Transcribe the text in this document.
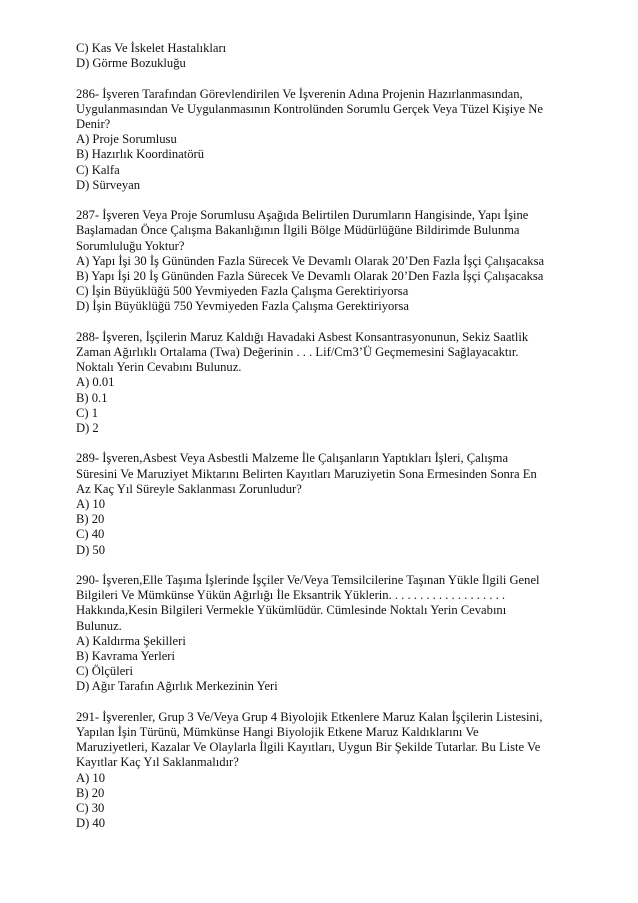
C) Kas Ve İskelet Hastalıkları
D) Görme Bozukluğu
286- İşveren Tarafından Görevlendirilen Ve İşverenin Adına Projenin Hazırlanmasından,
Uygulanmasından Ve Uygulanmasının Kontrolünden Sorumlu Gerçek Veya Tüzel Kişiye Ne
Denir?
A) Proje Sorumlusu
B) Hazırlık Koordinatörü
C) Kalfa
D) Sürveyan
287- İşveren Veya Proje Sorumlusu Aşağıda Belirtilen Durumların Hangisinde, Yapı İşine
Başlamadan Önce Çalışma Bakanlığının İlgili Bölge Müdürlüğüne Bildirimde Bulunma
Sorumluluğu Yoktur?
A) Yapı İşi 30 İş Gününden Fazla Sürecek Ve Devamlı Olarak 20’Den Fazla İşçi Çalışacaksa
B) Yapı İşi 20 İş Gününden Fazla Sürecek Ve Devamlı Olarak 20’Den Fazla İşçi Çalışacaksa
C) İşin Büyüklüğü 500 Yevmiyeden Fazla Çalışma Gerektiriyorsa
D) İşin Büyüklüğü 750 Yevmiyeden Fazla Çalışma Gerektiriyorsa
288- İşveren, İşçilerin Maruz Kaldığı Havadaki Asbest Konsantrasyonunun, Sekiz Saatlik
Zaman Ağırlıklı Ortalama (Twa) Değerinin . . . Lif/Cm3’Ü Geçmemesini Sağlayacaktır.
Noktalı Yerin Cevabını Bulunuz.
A) 0.01
B) 0.1
C) 1
D) 2
289- İşveren,Asbest Veya Asbestli Malzeme İle Çalışanların Yaptıkları İşleri, Çalışma
Süresini Ve Maruziyet Miktarını Belirten Kayıtları Maruziyetin Sona Ermesinden Sonra En
Az Kaç Yıl Süreyle Saklanması Zorunludur?
A) 10
B) 20
C) 40
D) 50
290- İşveren,Elle Taşıma İşlerinde İşçiler Ve/Veya Temsilcilerine Taşınan Yükle İlgili Genel
Bilgileri Ve Mümkünse Yükün Ağırlığı İle Eksantrik Yüklerin. . . . . . . . . . . . . . . . . . .
Hakkında,Kesin Bilgileri Vermekle Yükümlüdür. Cümlesinde Noktalı Yerin Cevabını
Bulunuz.
A) Kaldırma Şekilleri
B) Kavrama Yerleri
C) Ölçüleri
D) Ağır Tarafın Ağırlık Merkezinin Yeri
291- İşverenler, Grup 3 Ve/Veya Grup 4 Biyolojik Etkenlere Maruz Kalan İşçilerin Listesini,
Yapılan İşin Türünü, Mümkünse Hangi Biyolojik Etkene Maruz Kaldıklarını Ve
Maruziyetleri, Kazalar Ve Olaylarla İlgili Kayıtları, Uygun Bir Şekilde Tutarlar. Bu Liste Ve
Kayıtlar Kaç Yıl Saklanmalıdır?
A) 10
B) 20
C) 30
D) 40
